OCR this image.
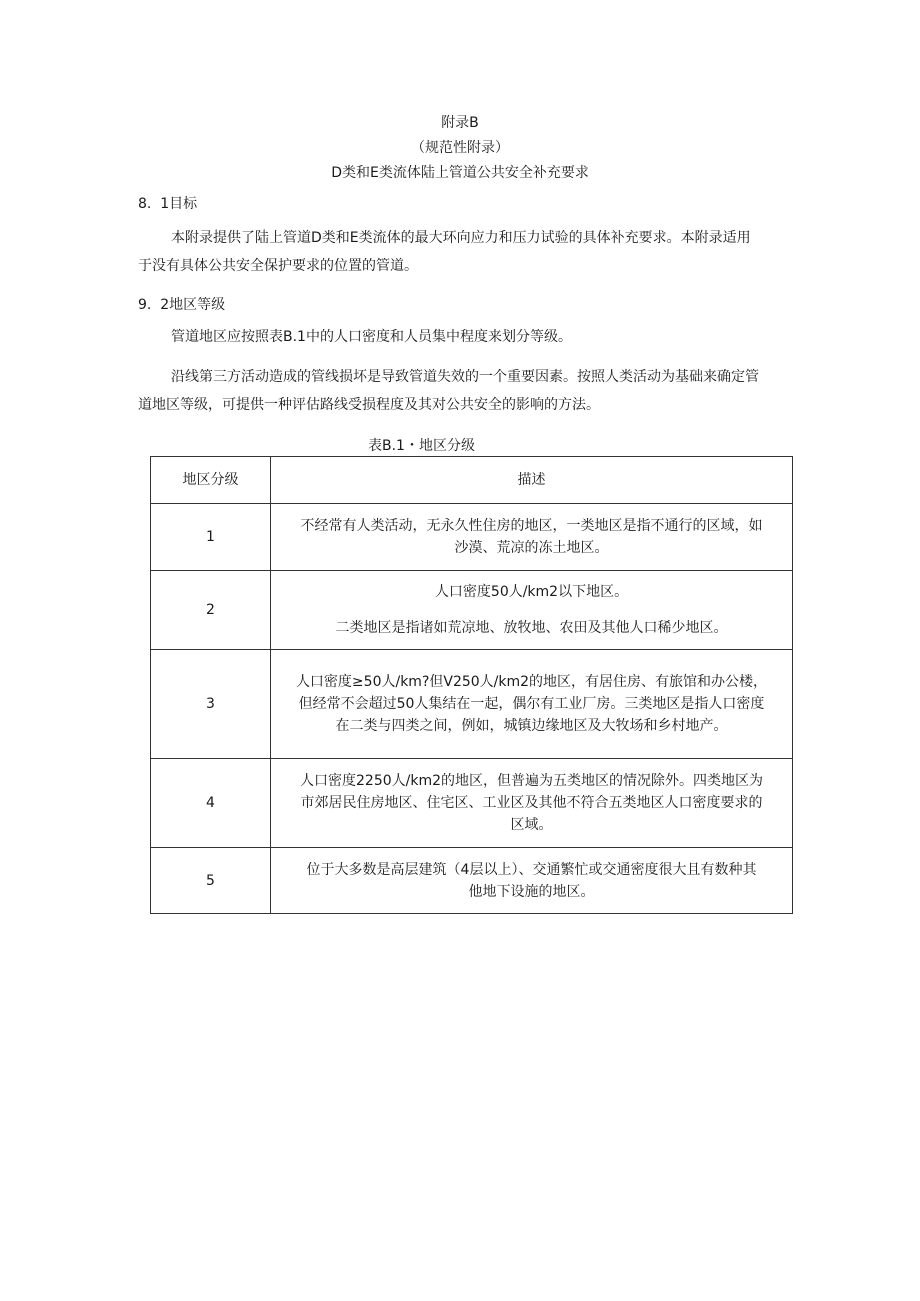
附录B
（规范性附录）
D类和E类流体陆上管道公共安全补充要求
8.  1目标
本附录提供了陆上管道D类和E类流体的最大环向应力和压力试验的具体补充要求。本附录适用
于没有具体公共安全保护要求的位置的管道。
9.  2地区等级
管道地区应按照表B.1中的人口密度和人员集中程度来划分等级。
沿线第三方活动造成的管线损坏是导致管道失效的一个重要因素。按照人类活动为基础来确定管
道地区等级，可提供一种评估路线受损程度及其对公共安全的影响的方法。
表B.1・地区分级
地区分级	描述
1	不经常有人类活动，无永久性住房的地区，一类地区是指不通行的区域，如
沙漠、荒凉的冻土地区。

2	人口密度50人/km2以下地区。
二类地区是指诸如荒凉地、放牧地、农田及其他人口稀少地区。

3	人口密度≥50人/km?但V250人/km2的地区，有居住房、有旅馆和办公楼，
但经常不会超过50人集结在一起，偶尔有工业厂房。三类地区是指人口密度
在二类与四类之间，例如，城镇边缘地区及大牧场和乡村地产。

4	人口密度2250人/km2的地区，但普遍为五类地区的情况除外。四类地区为
市郊居民住房地区、住宅区、工业区及其他不符合五类地区人口密度要求的
区域。

5	位于大多数是高层建筑（4层以上）、交通繁忙或交通密度很大且有数种其
他地下设施的地区。
